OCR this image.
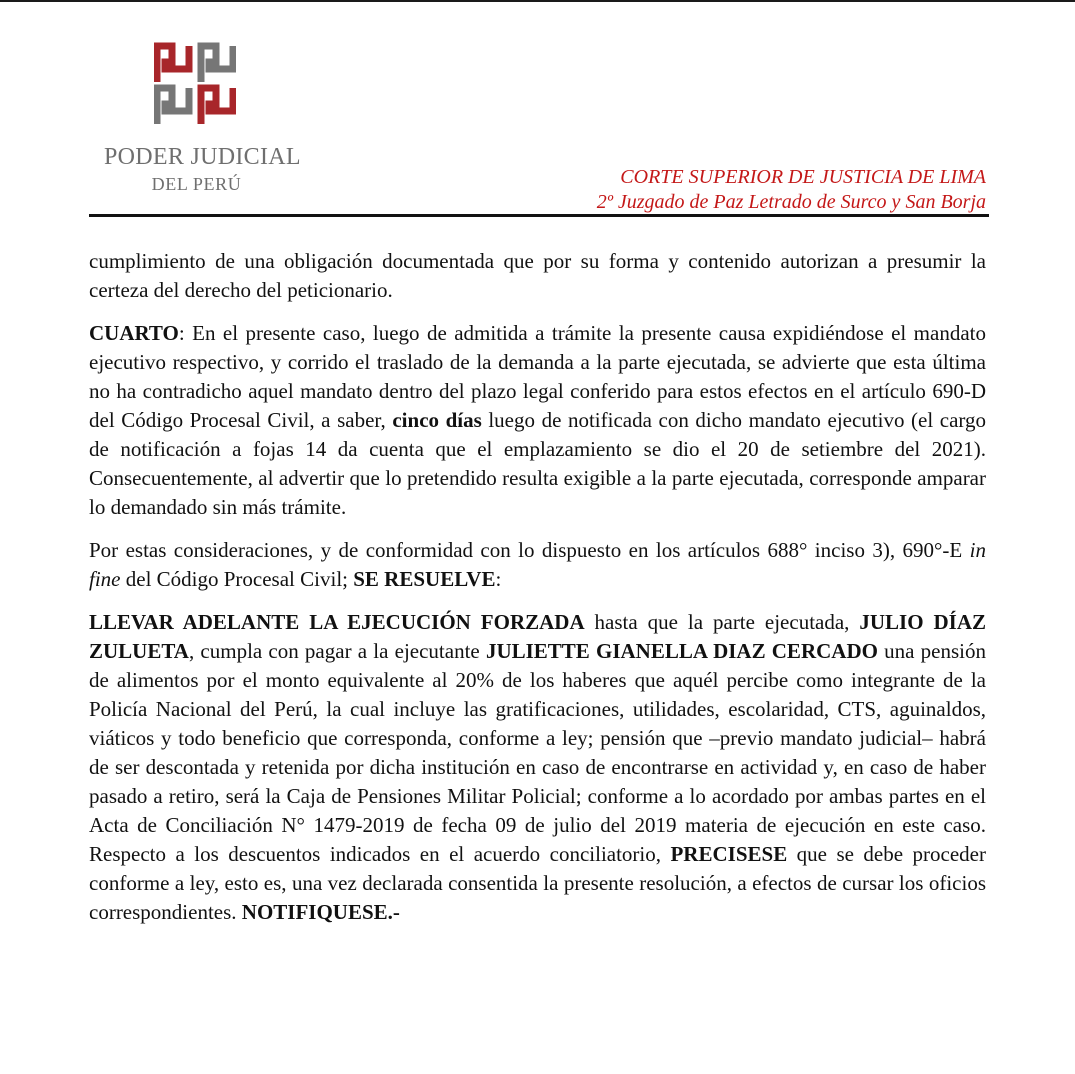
PODER JUDICIAL
DEL PERÚ	CORTE SUPERIOR DE JUSTICIA DE LIMA
2º Juzgado de Paz Letrado de Surco y San Borja

cumplimiento de una obligación documentada que por su forma y contenido autorizan a presumir la certeza del derecho del peticionario.

CUARTO: En el presente caso, luego de admitida a trámite la presente causa expidiéndose el mandato ejecutivo respectivo, y corrido el traslado de la demanda a la parte ejecutada, se advierte que esta última no ha contradicho aquel mandato dentro del plazo legal conferido para estos efectos en el artículo 690-D del Código Procesal Civil, a saber, cinco días luego de notificada con dicho mandato ejecutivo (el cargo de notificación a fojas 14 da cuenta que el emplazamiento se dio el 20 de setiembre del 2021). Consecuentemente, al advertir que lo pretendido resulta exigible a la parte ejecutada, corresponde amparar lo demandado sin más trámite.

Por estas consideraciones, y de conformidad con lo dispuesto en los artículos 688° inciso 3), 690°-E in fine del Código Procesal Civil; SE RESUELVE:

LLEVAR ADELANTE LA EJECUCIÓN FORZADA hasta que la parte ejecutada, JULIO DÍAZ ZULUETA, cumpla con pagar a la ejecutante JULIETTE GIANELLA DIAZ CERCADO una pensión de alimentos por el monto equivalente al 20% de los haberes que aquél percibe como integrante de la Policía Nacional del Perú, la cual incluye las gratificaciones, utilidades, escolaridad, CTS, aguinaldos, viáticos y todo beneficio que corresponda, conforme a ley; pensión que –previo mandato judicial– habrá de ser descontada y retenida por dicha institución en caso de encontrarse en actividad y, en caso de haber pasado a retiro, será la Caja de Pensiones Militar Policial; conforme a lo acordado por ambas partes en el Acta de Conciliación N° 1479-2019 de fecha 09 de julio del 2019 materia de ejecución en este caso. Respecto a los descuentos indicados en el acuerdo conciliatorio, PRECISESE que se debe proceder conforme a ley, esto es, una vez declarada consentida la presente resolución, a efectos de cursar los oficios correspondientes. NOTIFIQUESE.-
